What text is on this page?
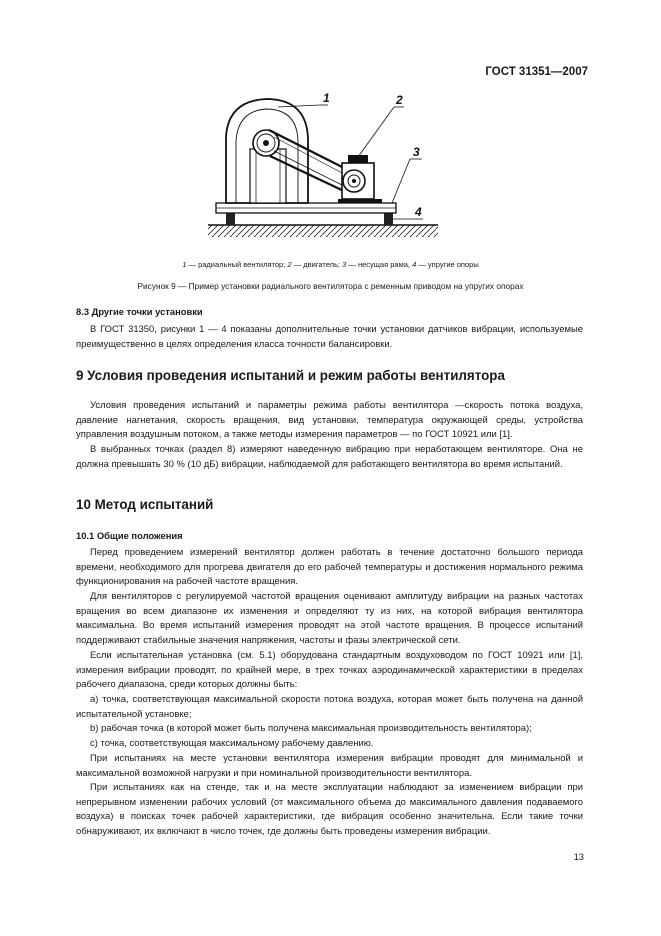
ГОСТ 31351—2007
1	2
3
4
1 — радиальный вентилятор; 2 — двигатель; 3 — несущая рама, 4 — упругие опоры
Рисунок 9 — Пример установки радиального вентилятора с ременным приводом на упругих опорах
8.3 Другие точки установки

В ГОСТ 31350, рисунки 1 — 4 показаны дополнительные точки установки датчиков вибрации, используемые преимущественно в целях определения класса точности балансировки.

9 Условия проведения испытаний и режим работы вентилятора

Условия проведения испытаний и параметры режима работы вентилятора —скорость потока воздуха, давление нагнетания, скорость вращения, вид установки, температура окружающей среды, устройства управления воздушным потоком, а также методы измерения параметров — по ГОСТ 10921 или [1].

В выбранных точках (раздел 8) измеряют наведенную вибрацию при неработающем вентиляторе. Она не должна превышать 30 % (10 дБ) вибрации, наблюдаемой для работающего вентилятора во время испытаний.

10 Метод испытаний
10.1 Общие положения

Перед проведением измерений вентилятор должен работать в течение достаточно большого периода времени, необходимого для прогрева двигателя до его рабочей температуры и достижения нормального режима функционирования на рабочей частоте вращения.

Для вентиляторов с регулируемой частотой вращения оценивают амплитуду вибрации на разных частотах вращения во всем диапазоне их изменения и определяют ту из них, на которой вибрация вентилятора максимальна. Во время испытаний измерения проводят на этой частоте вращения. В процессе испытаний поддерживают стабильные значения напряжения, частоты и фазы электрической сети.

Если испытательная установка (см. 5.1) оборудована стандартным воздуховодом по ГОСТ 10921 или [1], измерения вибрации проводят, по крайней мере, в трех точках аэродинамической характеристики в пределах рабочего диапазона, среди которых должны быть:

a) точка, соответствующая максимальной скорости потока воздуха, которая может быть получена на данной испытательной установке;

b) рабочая точка (в которой может быть получена максимальная производительность вентилятора);

c) точка, соответствующая максимальному рабочему давлению.

При испытаниях на месте установки вентилятора измерения вибрации проводят для минимальной и максимальной возможной нагрузки и при номинальной производительности вентилятора.

При испытаниях как на стенде, так и на месте эксплуатации наблюдают за изменением вибрации при непрерывном изменении рабочих условий (от максимального объема до максимального давления подаваемого воздуха) в поисках точек рабочей характеристики, где вибрация особенно значительна. Если такие точки обнаруживают, их включают в число точек, где должны быть проведены измерения вибрации.

13
